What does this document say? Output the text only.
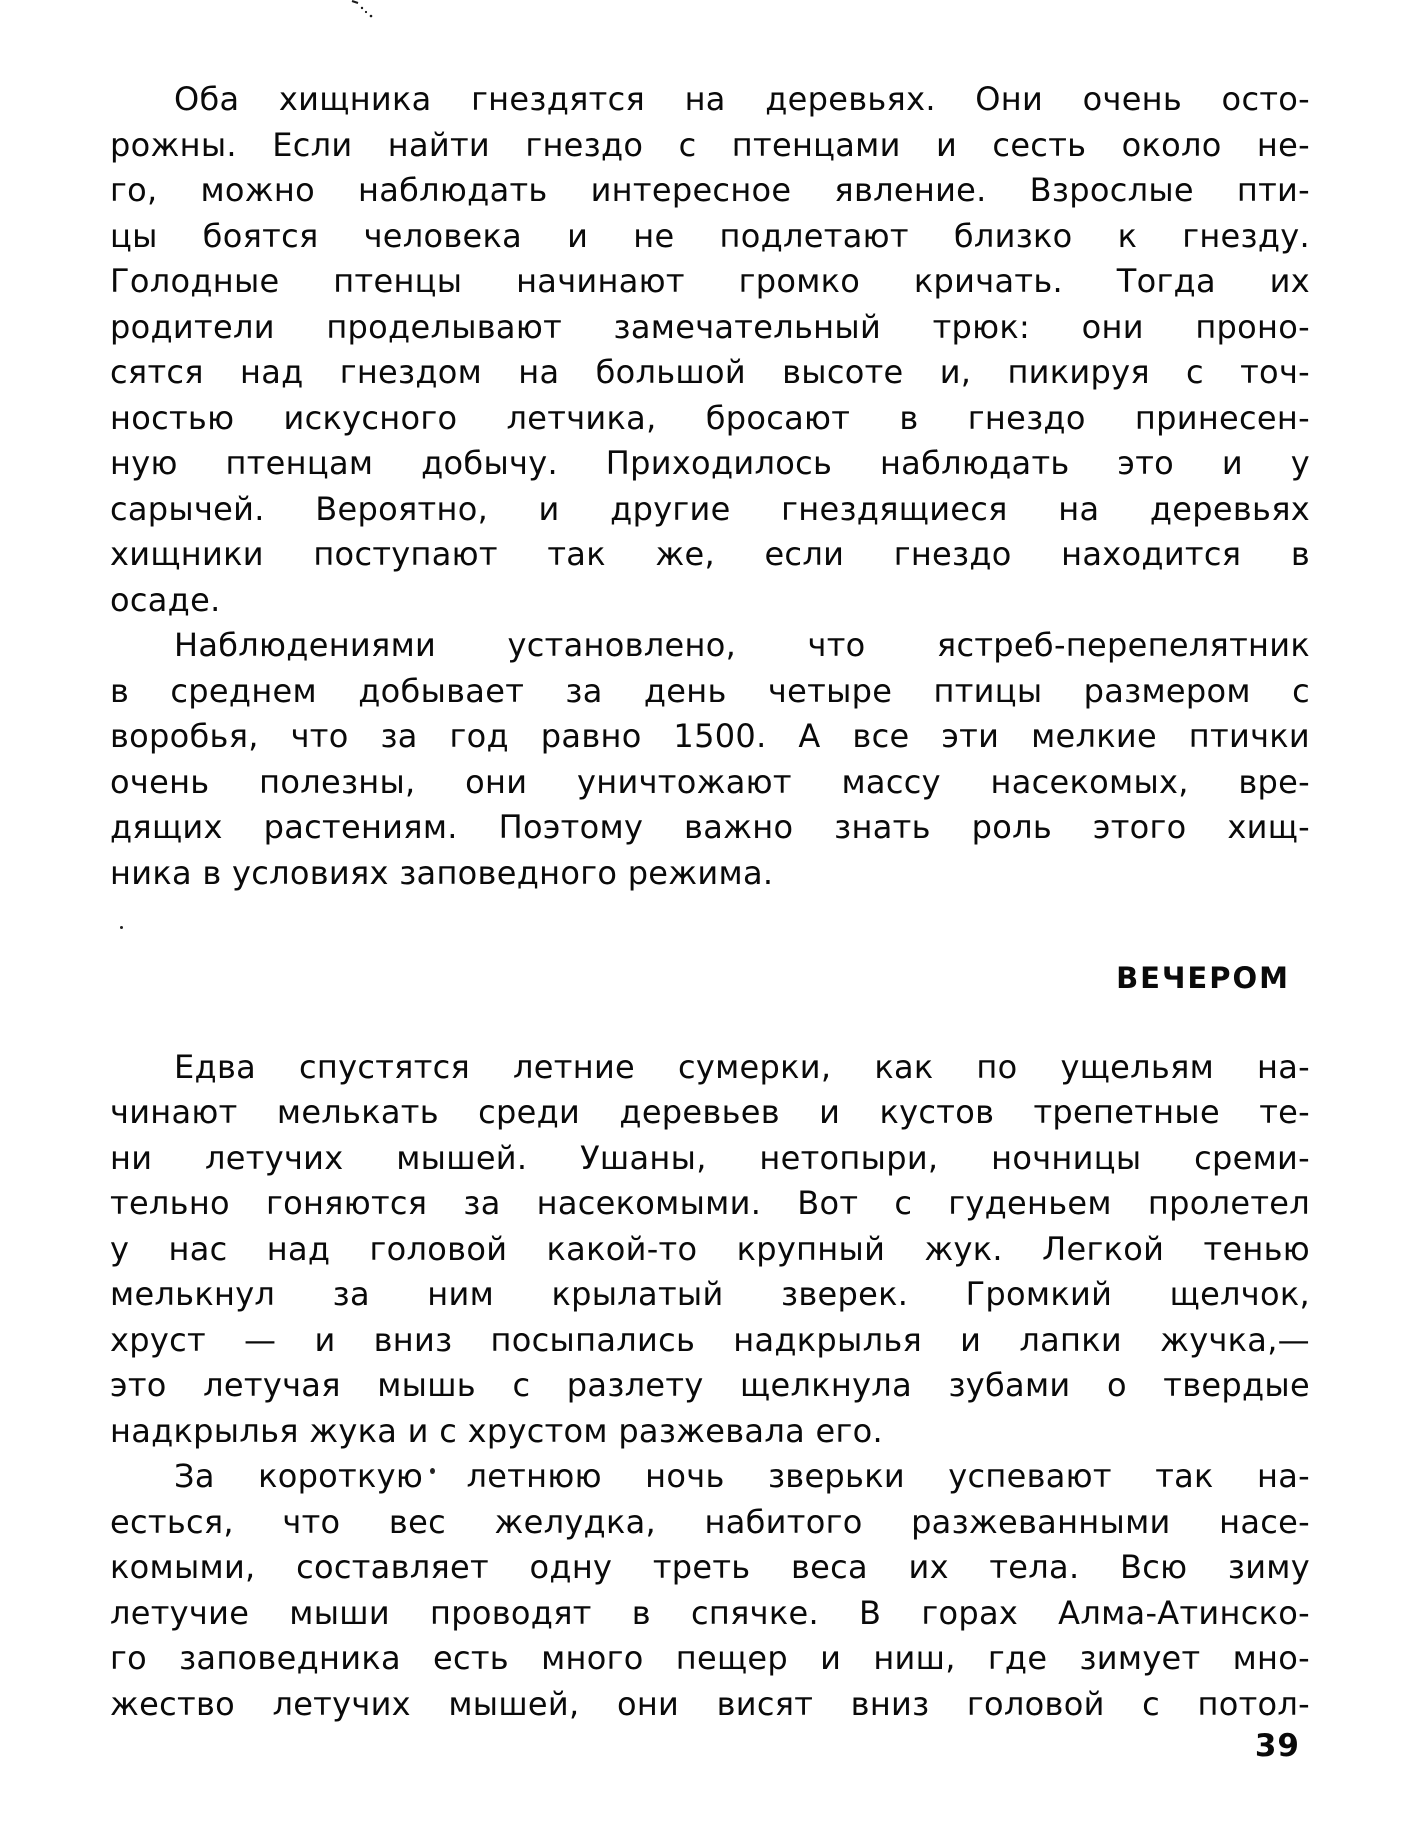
Оба хищника гнездятся на деревьях. Они очень осто-
рожны. Если найти гнездо с птенцами и сесть около не-
го, можно наблюдать интересное явление. Взрослые пти-
цы боятся человека и не подлетают близко к гнезду.
Голодные птенцы начинают громко кричать. Тогда их
родители проделывают замечательный трюк: они проно-
сятся над гнездом на большой высоте и, пикируя с точ-
ностью искусного летчика, бросают в гнездо принесен-
ную птенцам добычу. Приходилось наблюдать это и у
сарычей. Вероятно, и другие гнездящиеся на деревьях
хищники поступают так же, если гнездо находится в
осаде.
Наблюдениями установлено, что ястреб-перепелятник
в среднем добывает за день четыре птицы размером с
воробья, что за год равно 1500. А все эти мелкие птички
очень полезны, они уничтожают массу насекомых, вре-
дящих растениям. Поэтому важно знать роль этого хищ-
ника в условиях заповедного режима.
ВЕЧЕРОМ
Едва спустятся летние сумерки, как по ущельям на-
чинают мелькать среди деревьев и кустов трепетные те-
ни летучих мышей. Ушаны, нетопыри, ночницы среми-
тельно гоняются за насекомыми. Вот с гуденьем пролетел
у нас над головой какой-то крупный жук. Легкой тенью
мелькнул за ним крылатый зверек. Громкий щелчок,
хруст — и вниз посыпались надкрылья и лапки жучка,—
это летучая мышь с разлету щелкнула зубами о твердые
надкрылья жука и с хрустом разжевала его.
За короткую летнюю ночь зверьки успевают так на-
есться, что вес желудка, набитого разжеванными насе-
комыми, составляет одну треть веса их тела. Всю зиму
летучие мыши проводят в спячке. В горах Алма-Атинско-
го заповедника есть много пещер и ниш, где зимует мно-
жество летучих мышей, они висят вниз головой с потол-
39
